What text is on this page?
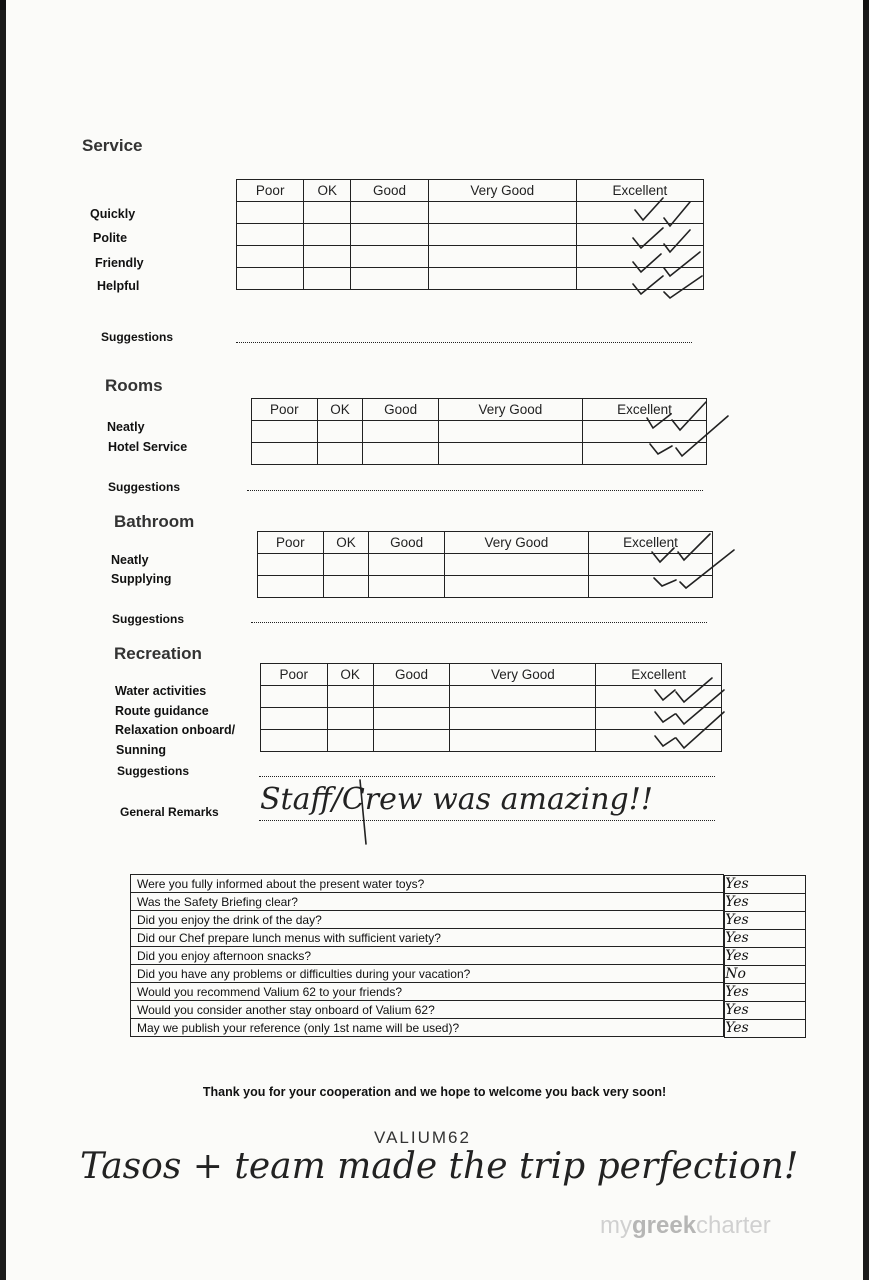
Service
Poor	OK	Good	Very Good	Excellent

Quickly
Polite
Friendly
Helpful
Suggestions
Rooms
Poor	OK	Good	Very Good	Excellent

Neatly
Hotel Service
Suggestions
Bathroom
Poor	OK	Good	Very Good	Excellent

Neatly
Supplying
Suggestions
Recreation
Poor	OK	Good	Very Good	Excellent

Water activities
Route guidance
Relaxation onboard/
Sunning
Suggestions
General Remarks Staff/Crew was amazing!!
Were you fully informed about the present water toys?		Yes

Was the Safety Briefing clear?		Yes

Did you enjoy the drink of the day?		Yes

Did our Chef prepare lunch menus with sufficient variety?		Yes

Did you enjoy afternoon snacks?		Yes

Did you have any problems or difficulties during your vacation?		No

Would you recommend Valium 62 to your friends?		Yes

Would you consider another stay onboard of Valium 62?		Yes

May we publish your reference (only 1st name will be used)?		Yes
Thank you for your cooperation and we hope to welcome you back very soon!
VALIUM62
Tasos + team made the trip perfection!
mygreekcharter
